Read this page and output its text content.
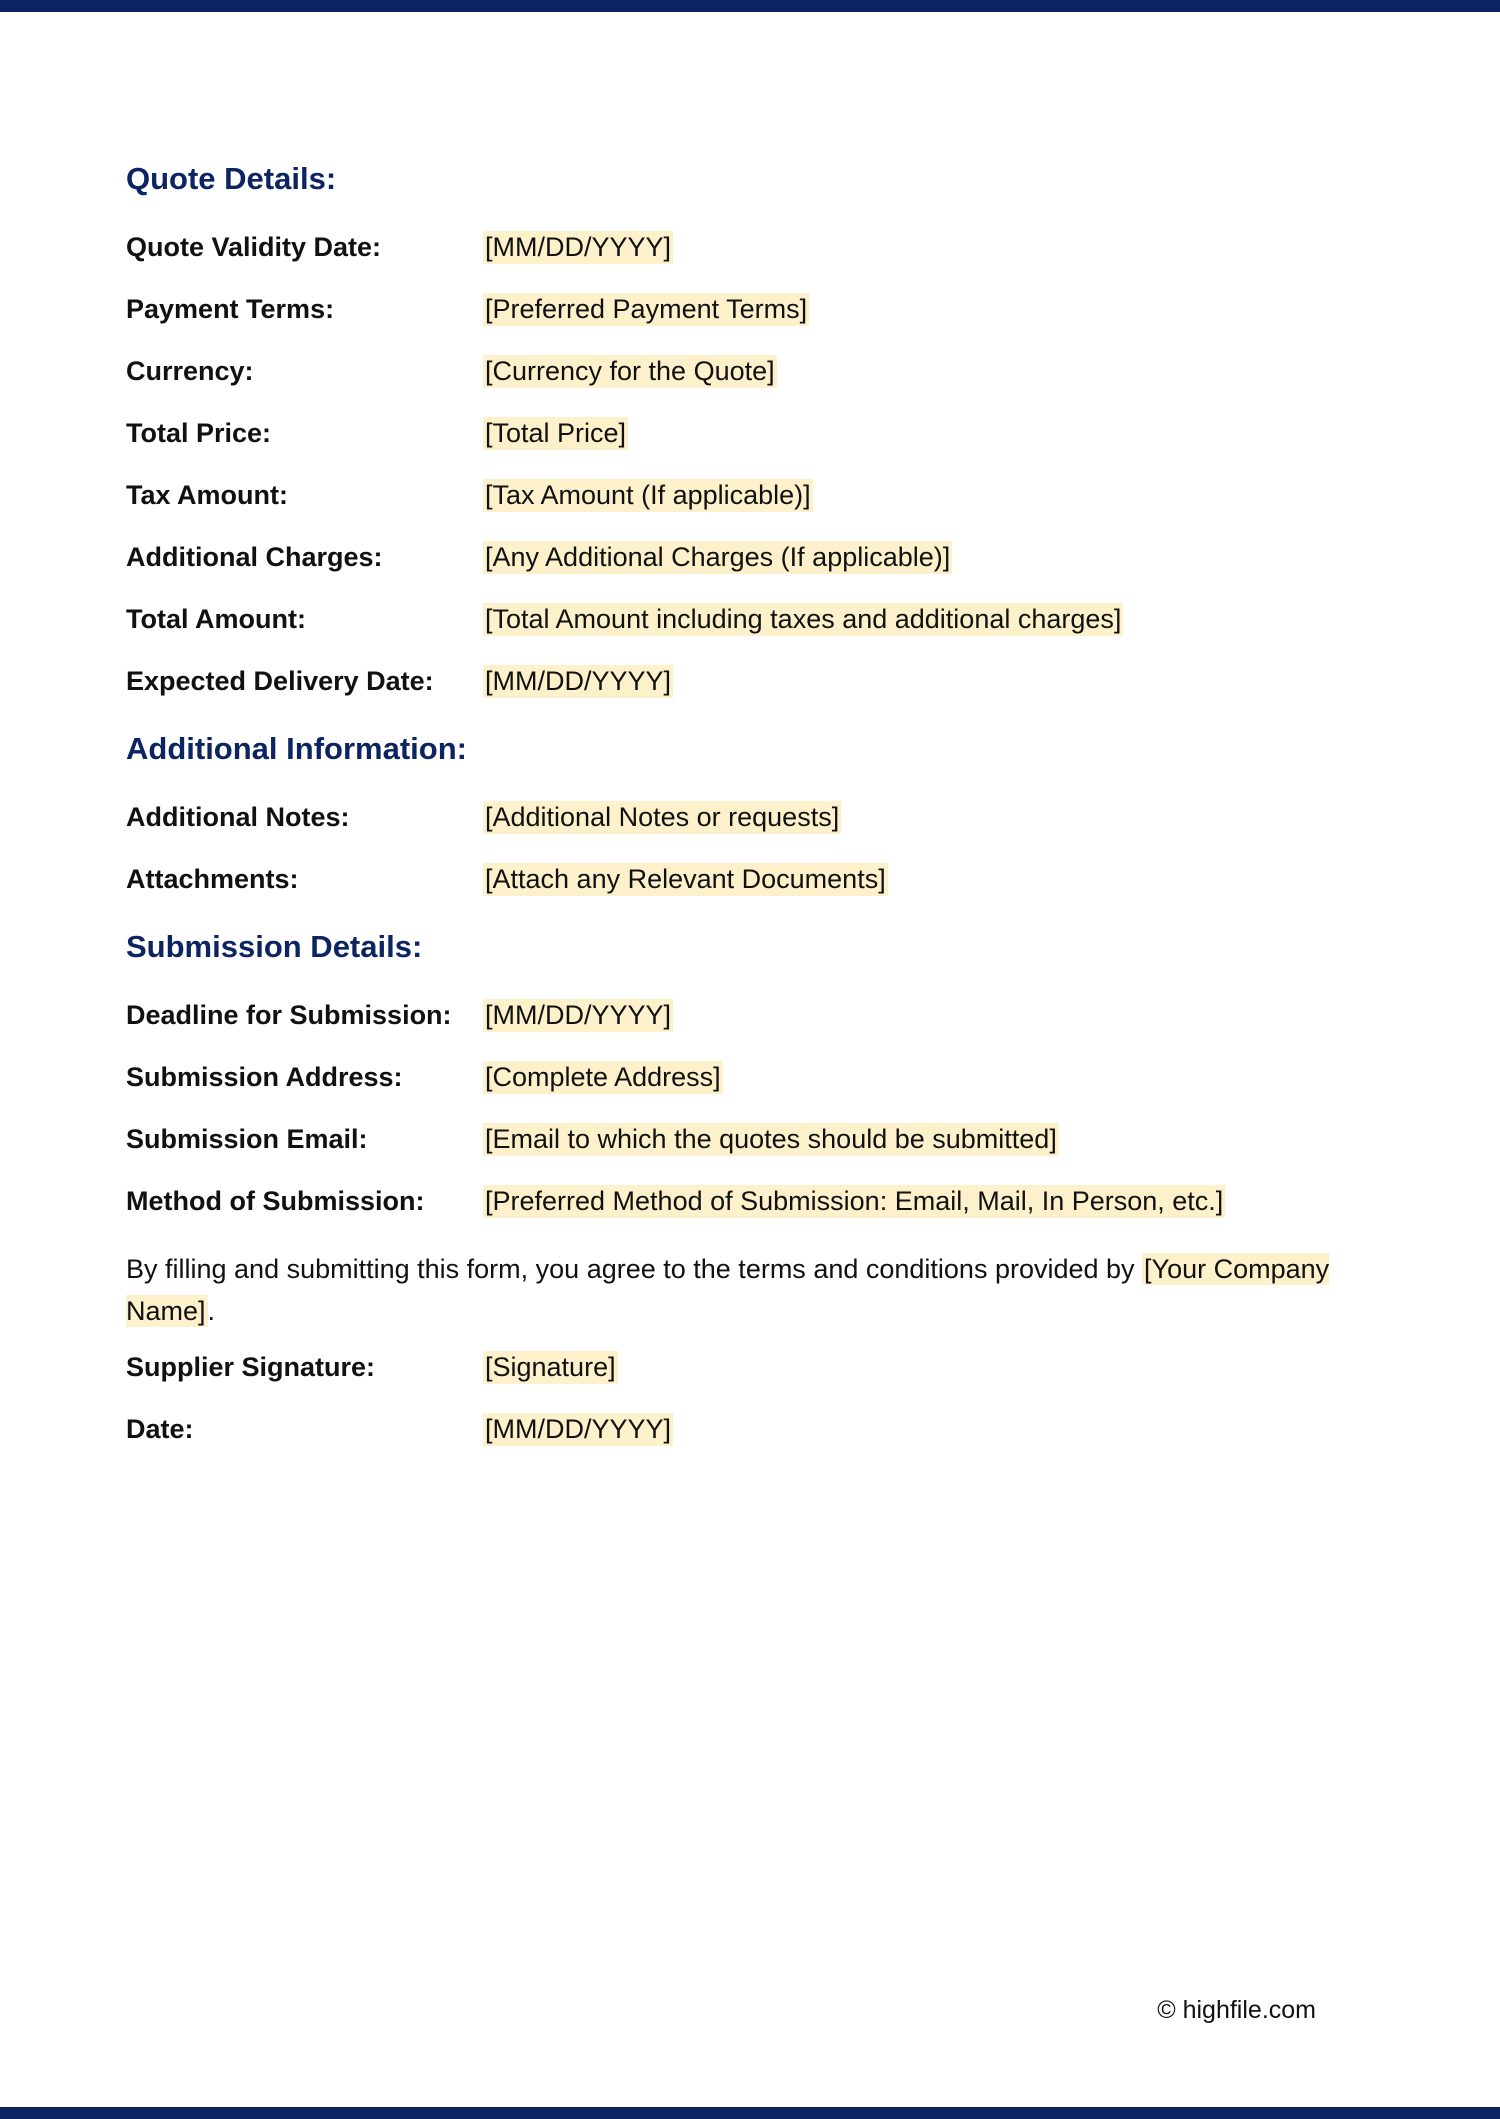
Quote Details:
Quote Validity Date:	[MM/DD/YYYY]
Payment Terms:	[Preferred Payment Terms]
Currency:	[Currency for the Quote]
Total Price:	[Total Price]
Tax Amount:	[Tax Amount (If applicable)]
Additional Charges:	[Any Additional Charges (If applicable)]
Total Amount:	[Total Amount including taxes and additional charges]
Expected Delivery Date:	[MM/DD/YYYY]
Additional Information:
Additional Notes:	[Additional Notes or requests]
Attachments:	[Attach any Relevant Documents]
Submission Details:
Deadline for Submission:	[MM/DD/YYYY]
Submission Address:	[Complete Address]
Submission Email:	[Email to which the quotes should be submitted]
Method of Submission:	[Preferred Method of Submission: Email, Mail, In Person, etc.]

By filling and submitting this form, you agree to the terms and conditions provided by [Your Company Name].

Supplier Signature:	[Signature]
Date:	[MM/DD/YYYY]
© highfile.com
